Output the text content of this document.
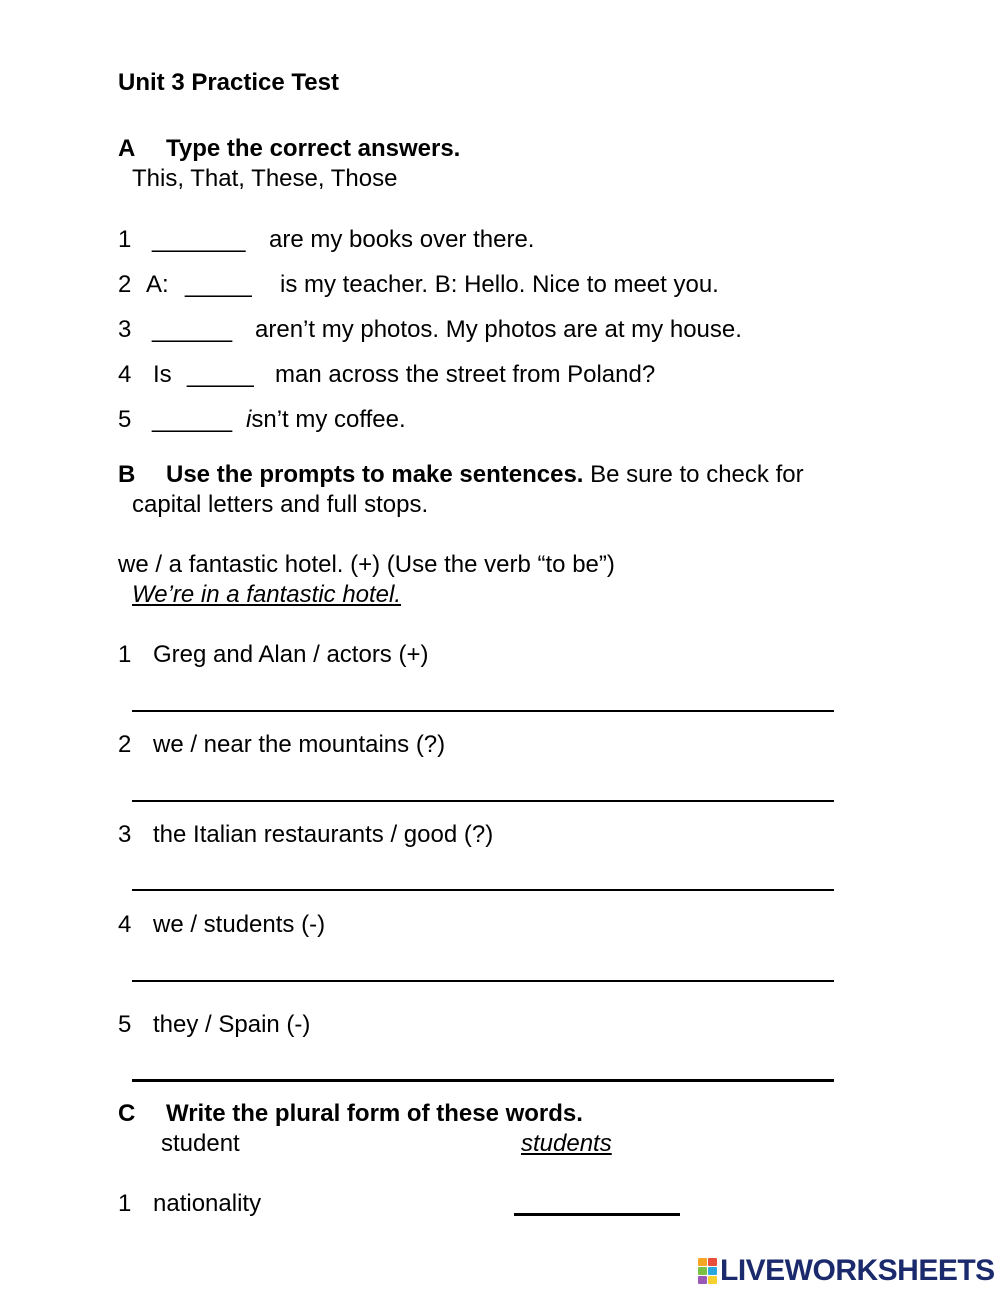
Unit 3 Practice Test
A Type the correct answers.
This, That, These, Those
1 _______ are my books over there.
2 A: _____ is my teacher. B: Hello. Nice to meet you.
3 ______ aren’t my photos. My photos are at my house.
4 Is _____ man across the street from Poland?
5 ______ isn’t my coffee.
B Use the prompts to make sentences. Be sure to check for
capital letters and full stops.
we / a fantastic hotel. (+) (Use the verb “to be”)
We’re in a fantastic hotel.
1 Greg and Alan / actors (+)
2 we / near the mountains (?)
3 the Italian restaurants / good (?)
4 we / students (-)
5 they / Spain (-)
C Write the plural form of these words.
student	students
1 nationality
LIVEWORKSHEETS
